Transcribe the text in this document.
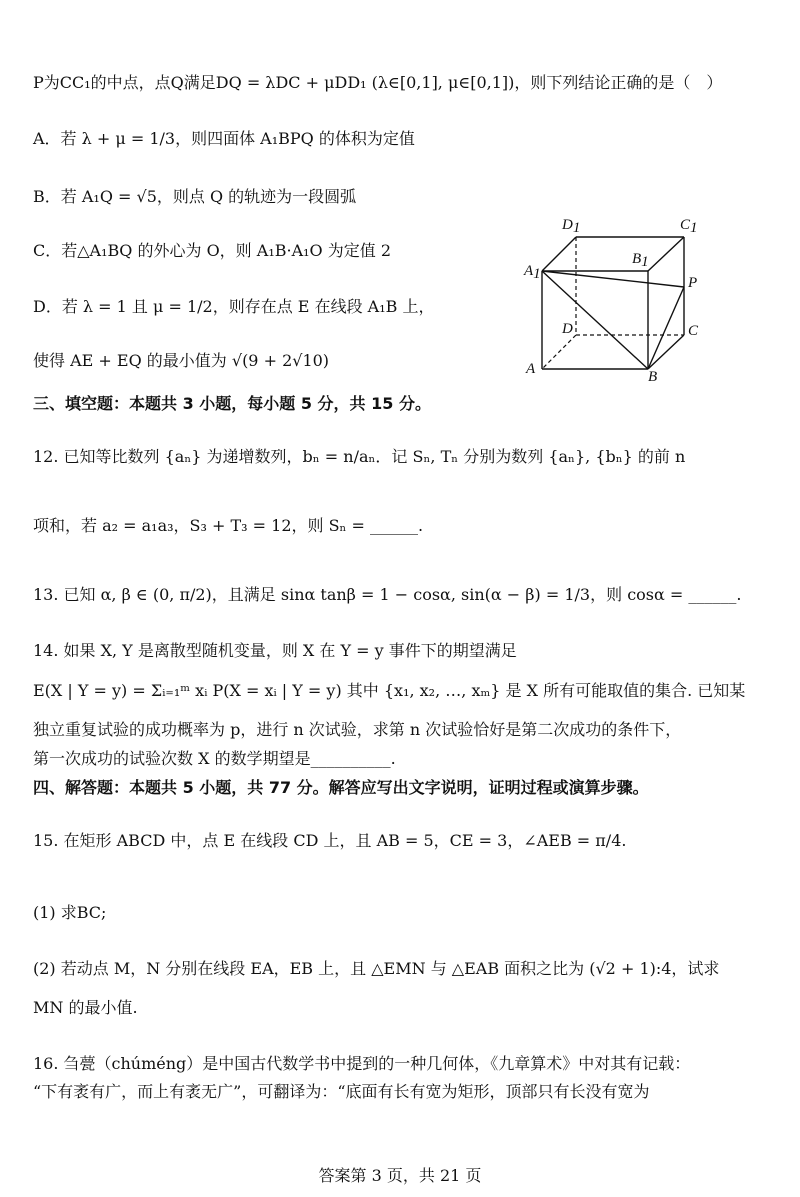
P为CC₁的中点，点Q满足DQ = λDC + μDD₁ (λ∈[0,1], μ∈[0,1])，则下列结论正确的是（　）
A．若 λ + μ = 1/3，则四面体 A₁BPQ 的体积为定值
B．若 A₁Q = √5，则点 Q 的轨迹为一段圆弧
C．若△A₁BQ 的外心为 O，则 A₁B·A₁O 为定值 2
D．若 λ = 1 且 μ = 1/2，则存在点 E 在线段 A₁B 上，
使得 AE + EQ 的最小值为 √(9 + 2√10)
D1	C1
A1
B1
P
D	C
A	B
三、填空题：本题共 3 小题，每小题 5 分，共 15 分。
12. 已知等比数列 {aₙ} 为递增数列，bₙ = n/aₙ．记 Sₙ, Tₙ 分别为数列 {aₙ}, {bₙ} 的前 n
项和，若 a₂ = a₁a₃，S₃ + T₃ = 12，则 Sₙ = ______.
13. 已知 α, β ∈ (0, π/2)，且满足 sinα tanβ = 1 − cosα, sin(α − β) = 1/3，则 cosα = ______.
14. 如果 X, Y 是离散型随机变量，则 X 在 Y = y 事件下的期望满足
E(X | Y = y) = Σᵢ₌₁ᵐ xᵢ P(X = xᵢ | Y = y) 其中 {x₁, x₂, …, xₘ} 是 X 所有可能取值的集合. 已知某
独立重复试验的成功概率为 p，进行 n 次试验，求第 n 次试验恰好是第二次成功的条件下，
第一次成功的试验次数 X 的数学期望是__________.
四、解答题：本题共 5 小题，共 77 分。解答应写出文字说明，证明过程或演算步骤。
15. 在矩形 ABCD 中，点 E 在线段 CD 上，且 AB = 5，CE = 3，∠AEB = π/4.
(1) 求BC;
(2) 若动点 M，N 分别在线段 EA，EB 上，且 △EMN 与 △EAB 面积之比为 (√2 + 1):4，试求
MN 的最小值.
16. 刍甍（chúméng）是中国古代数学书中提到的一种几何体，《九章算术》中对其有记载：
“下有袤有广，而上有袤无广”，可翻译为：“底面有长有宽为矩形，顶部只有长没有宽为
答案第 3 页，共 21 页
